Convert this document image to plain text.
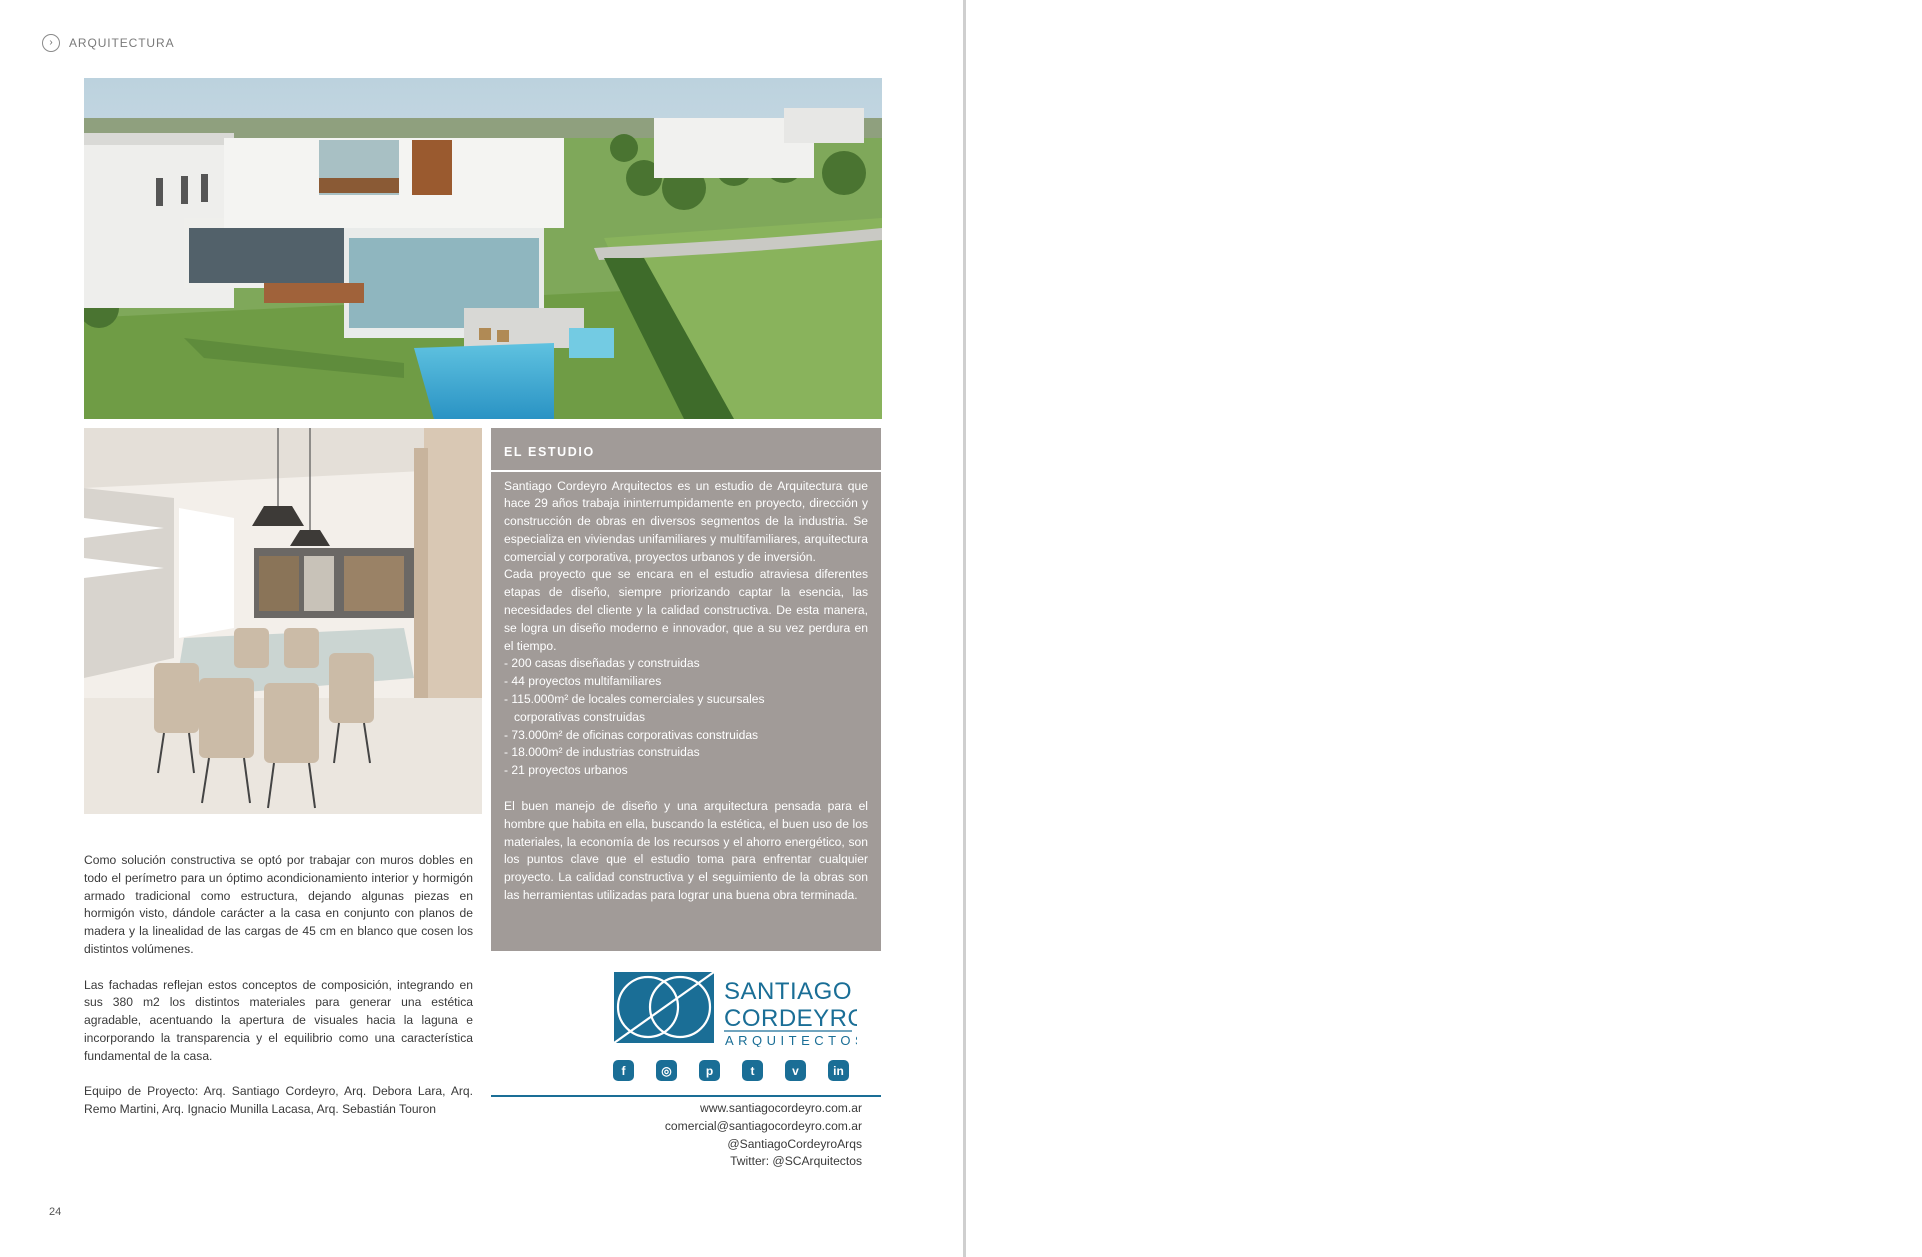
›	ARQUITECTURA
EL ESTUDIO

Santiago Cordeyro Arquitectos es un estudio de Arquitectura que hace 29 años trabaja ininterrumpidamente en proyecto, dirección y construcción de obras en diversos segmentos de la industria. Se especializa en viviendas unifamiliares y multifamiliares, arquitectura comercial y corporativa, proyectos urbanos y de inversión.

Cada proyecto que se encara en el estudio atraviesa diferentes etapas de diseño, siempre priorizando captar la esencia, las necesidades del cliente y la calidad constructiva. De esta manera, se logra un diseño moderno e innovador, que a su vez perdura en el tiempo.

- 200 casas diseñadas y construidas
- 44 proyectos multifamiliares
- 115.000m² de locales comerciales y sucursales
corporativas construidas
- 73.000m² de oficinas corporativas construidas
- 18.000m² de industrias construidas
- 21 proyectos urbanos

El buen manejo de diseño y una arquitectura pensada para el hombre que habita en ella, buscando la estética, el buen uso de los materiales, la economía de los recursos y el ahorro energético, son los puntos clave que el estudio toma para enfrentar cualquier proyecto. La calidad constructiva y el seguimiento de la obras son las herramientas utilizadas para lograr una buena obra terminada.

Como solución constructiva se optó por trabajar con muros dobles en todo el perímetro para un óptimo acondicionamiento interior y hormigón armado tradicional como estructura, dejando algunas piezas en hormigón visto, dándole carácter a la casa en conjunto con planos de madera y la linealidad de las cargas de 45 cm en blanco que cosen los distintos volúmenes.

Las fachadas reflejan estos conceptos de composición, integrando en sus 380 m2 los distintos materiales para generar una estética agradable, acentuando la apertura de visuales hacia la laguna e incorporando la transparencia y el equilibrio como una característica fundamental de la casa.

Equipo de Proyecto: Arq. Santiago Cordeyro, Arq. Debora Lara, Arq. Remo Martini, Arq. Ignacio Munilla Lacasa, Arq. Sebastián Touron

SANTIAGO
CORDEYRO
ARQUITECTOS
f	◎	p	t	v	in
www.santiagocordeyro.com.ar
comercial@santiagocordeyro.com.ar
@SantiagoCordeyroArqs
Twitter: @SCArquitectos
24
